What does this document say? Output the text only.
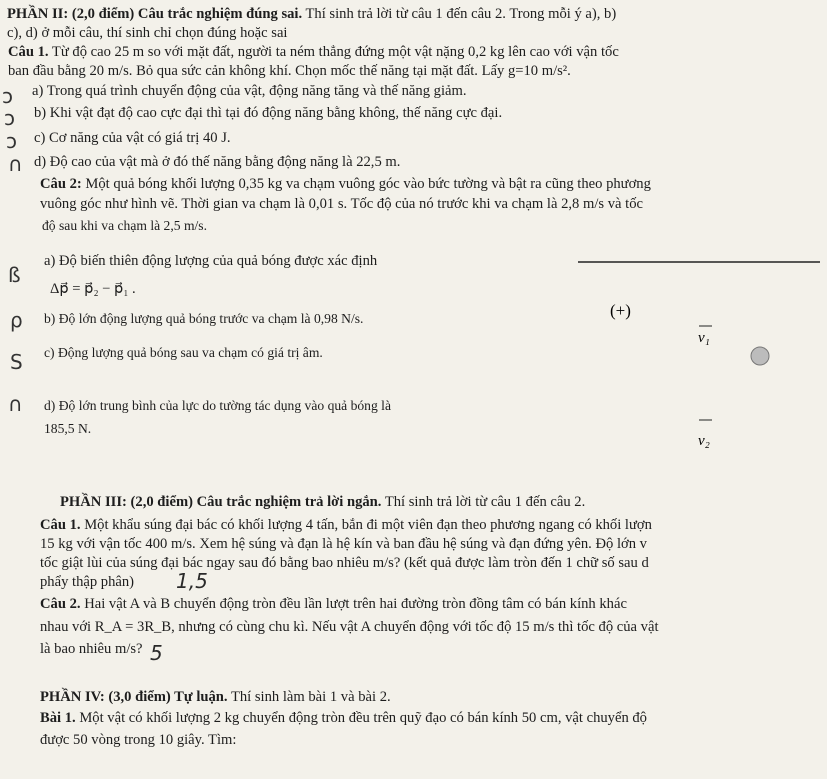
PHẦN II: (2,0 điểm) Câu trắc nghiệm đúng sai. Thí sinh trả lời từ câu 1 đến câu 2. Trong mỗi ý a), b)
c), d) ở mỗi câu, thí sinh chỉ chọn đúng hoặc sai
Câu 1. Từ độ cao 25 m so với mặt đất, người ta ném thẳng đứng một vật nặng 0,2 kg lên cao với vận tốc
ban đầu bằng 20 m/s. Bỏ qua sức cản không khí. Chọn mốc thế năng tại mặt đất. Lấy g=10 m/s².
a) Trong quá trình chuyển động của vật, động năng tăng và thế năng giảm.
b) Khi vật đạt độ cao cực đại thì tại đó động năng bằng không, thế năng cực đại.
c) Cơ năng của vật có giá trị 40 J.
d) Độ cao của vật mà ở đó thế năng bằng động năng là 22,5 m.
Câu 2: Một quả bóng khối lượng 0,35 kg va chạm vuông góc vào bức tường và bật ra cũng theo phương
vuông góc như hình vẽ. Thời gian va chạm là 0,01 s. Tốc độ của nó trước khi va chạm là 2,8 m/s và tốc
độ sau khi va chạm là 2,5 m/s.
a) Độ biến thiên động lượng của quả bóng được xác định
Δp⃗ = p⃗₂ − p⃗₁ .
b) Độ lớn động lượng quả bóng trước va chạm là 0,98 N/s.
c) Động lượng quả bóng sau va chạm có giá trị âm.
d) Độ lớn trung bình của lực do tường tác dụng vào quả bóng là
185,5 N.
ↄ
ↄ
ↄ
∩
ß
ρ
S
∩
(+)
v₁
v₂
PHẦN III: (2,0 điểm) Câu trắc nghiệm trả lời ngắn. Thí sinh trả lời từ câu 1 đến câu 2.
Câu 1. Một khẩu súng đại bác có khối lượng 4 tấn, bắn đi một viên đạn theo phương ngang có khối lượn
15 kg với vận tốc 400 m/s. Xem hệ súng và đạn là hệ kín và ban đầu hệ súng và đạn đứng yên. Độ lớn v
tốc giật lùi của súng đại bác ngay sau đó bằng bao nhiêu m/s? (kết quả được làm tròn đến 1 chữ số sau d
phẩy thập phân) 1,5
Câu 2. Hai vật A và B chuyển động tròn đều lần lượt trên hai đường tròn đồng tâm có bán kính khác
nhau với R_A = 3R_B, nhưng có cùng chu kì. Nếu vật A chuyển động với tốc độ 15 m/s thì tốc độ của vật
là bao nhiêu m/s? 5
PHẦN IV: (3,0 điểm) Tự luận. Thí sinh làm bài 1 và bài 2.
Bài 1. Một vật có khối lượng 2 kg chuyển động tròn đều trên quỹ đạo có bán kính 50 cm, vật chuyển độ
được 50 vòng trong 10 giây. Tìm:
